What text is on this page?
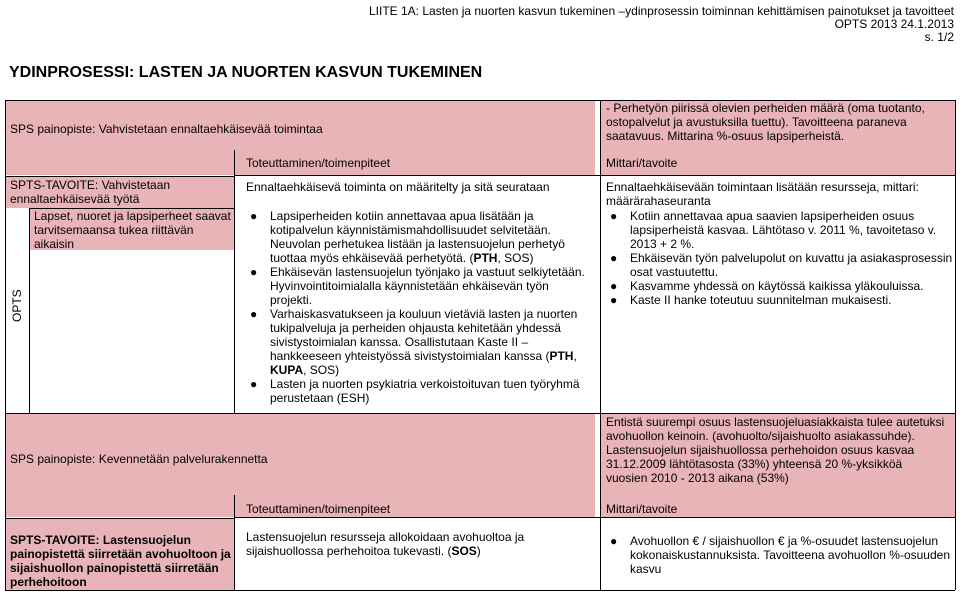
LIITE 1A: Lasten ja nuorten kasvun tukeminen –ydinprosessin toiminnan kehittämisen painotukset ja tavoitteet
OPTS 2013 24.1.2013
s. 1/2
YDINPROSESSI: LASTEN JA NUORTEN KASVUN TUKEMINEN
SPS painopiste: Vahvistetaan ennaltaehkäisevää toimintaa
- Perhetyön piirissä olevien perheiden määrä (oma tuotanto, ostopalvelut ja avustuksilla tuettu). Tavoitteena paraneva saatavuus. Mittarina %-osuus lapsiperheistä.
Toteuttaminen/toimenpiteet	Mittari/tavoite
SPTS-TAVOITE: Vahvistetaan ennaltaehkäisevää työtä
Lapset, nuoret ja lapsiperheet saavat tarvitsemaansa tukea riittävän aikaisin
OPTS
Ennaltaehkäisevä toiminta on määritelty ja sitä seurataan
● Lapsiperheiden kotiin annettavaa apua lisätään ja kotipalvelun käynnistämismahdollisuudet selvitetään. Neuvolan perhetukea listään ja lastensuojelun perhetyö tuottaa myös ehkäisevää perhetyötä. (PTH, SOS)
● Ehkäisevän lastensuojelun työnjako ja vastuut selkiytetään. Hyvinvointitoimialalla käynnistetään ehkäisevän työn projekti.
● Varhaiskasvatukseen ja kouluun vietäviä lasten ja nuorten tukipalveluja ja perheiden ohjausta kehitetään yhdessä sivistystoimialan kanssa. Osallistutaan Kaste II – hankkeeseen yhteistyössä sivistystoimialan kanssa (PTH, KUPA, SOS)
● Lasten ja nuorten psykiatria verkoistoituvan tuen työryhmä perustetaan (ESH)
Ennaltaehkäisevään toimintaan lisätään resursseja, mittari: määrärahaseuranta
● Kotiin annettavaa apua saavien lapsiperheiden osuus lapsiperheistä kasvaa. Lähtötaso v. 2011 %, tavoitetaso v. 2013 + 2 %.
● Ehkäisevän työn palvelupolut on kuvattu ja asiakasprosessin osat vastuutettu.
● Kasvamme yhdessä on käytössä kaikissa yläkouluissa.
● Kaste II hanke toteutuu suunnitelman mukaisesti.
SPS painopiste: Kevennetään palvelurakennetta
Entistä suurempi osuus lastensuojeluasiakkaista tulee autetuksi avohuollon keinoin. (avohuolto/sijaishuolto asiakassuhde). Lastensuojelun sijaishuollossa perhehoidon osuus kasvaa 31.12.2009 lähtötasosta (33%) yhteensä 20 %-yksikköä vuosien 2010 - 2013 aikana (53%)
Toteuttaminen/toimenpiteet	Mittari/tavoite
SPTS-TAVOITE: Lastensuojelun painopistettä siirretään avohuoltoon ja sijaishuollon painopistettä siirretään perhehoitoon
Lastensuojelun resursseja allokoidaan avohuoltoa ja sijaishuollossa perhehoitoa tukevasti. (SOS)
● Avohuollon € / sijaishuollon € ja %-osuudet lastensuojelun kokonaiskustannuksista. Tavoitteena avohuollon %-osuuden kasvu
